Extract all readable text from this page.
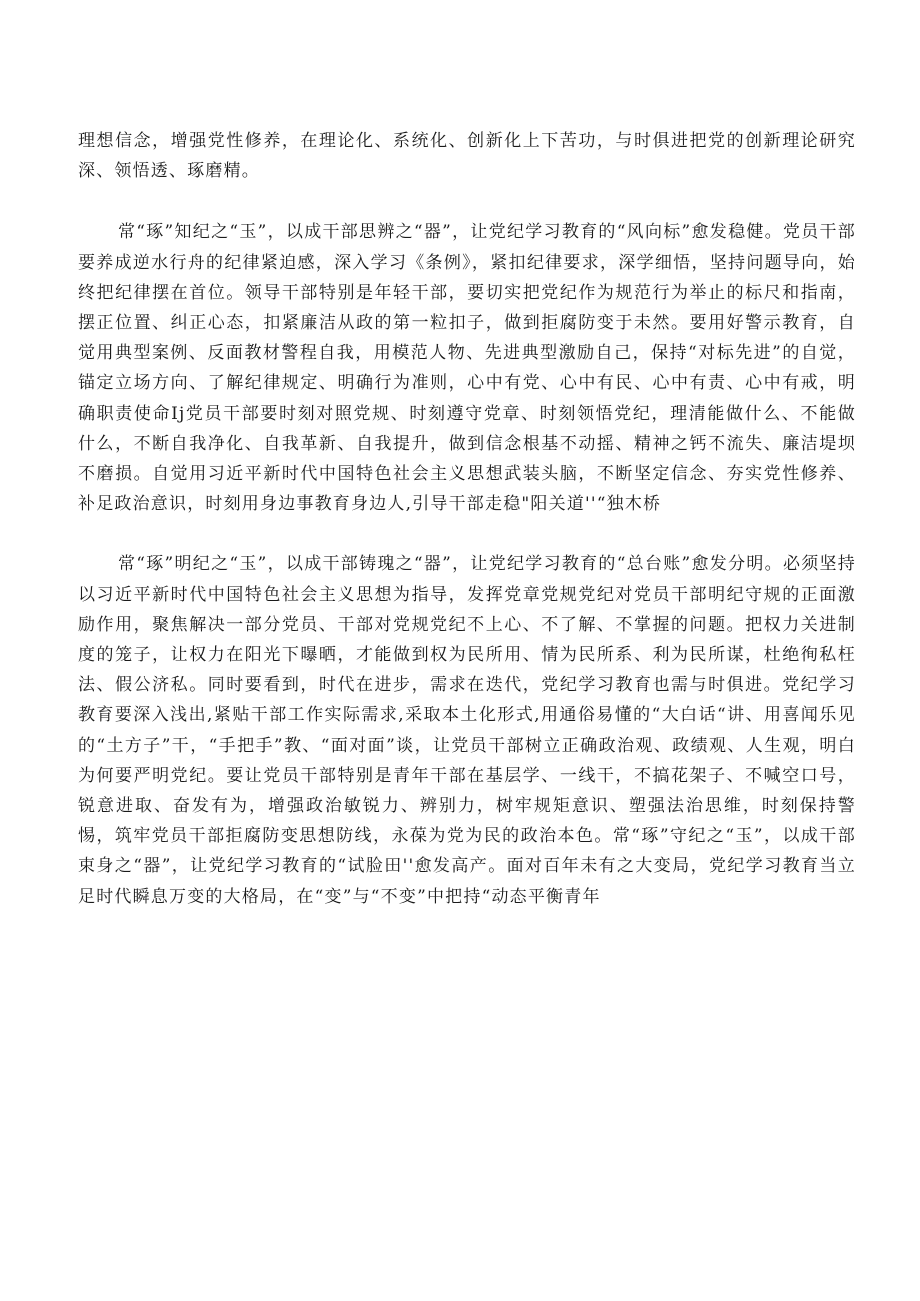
理想信念，增强党性修养，在理论化、系统化、创新化上下苦功，与时俱进把党的创新理论研究深、领悟透、琢磨精。

常“琢”知纪之“玉”，以成干部思辨之“器”，让党纪学习教育的“风向标”愈发稳健。党员干部要养成逆水行舟的纪律紧迫感，深入学习《条例》，紧扣纪律要求，深学细悟，坚持问题导向，始终把纪律摆在首位。领导干部特别是年轻干部，要切实把党纪作为规范行为举止的标尺和指南，摆正位置、纠正心态，扣紧廉洁从政的第一粒扣子，做到拒腐防变于未然。要用好警示教育，自觉用典型案例、反面教材警程自我，用模范人物、先进典型激励自己，保持“对标先进”的自觉，锚定立场方向、了解纪律规定、明确行为准则，心中有党、心中有民、心中有责、心中有戒，明确职责使命Ij党员干部要时刻对照党规、时刻遵守党章、时刻领悟党纪，理清能做什么、不能做什么，不断自我净化、自我革新、自我提升，做到信念根基不动摇、精神之钙不流失、廉洁堤坝不磨损。自觉用习近平新时代中国特色社会主义思想武装头脑，不断坚定信念、夯实党性修养、补足政治意识，时刻用身边事教育身边人,引导干部走稳"阳关道''“独木桥

常“琢”明纪之“玉”，以成干部铸瑰之“器”，让党纪学习教育的“总台账”愈发分明。必须坚持以习近平新时代中国特色社会主义思想为指导，发挥党章党规党纪对党员干部明纪守规的正面激励作用，聚焦解决一部分党员、干部对党规党纪不上心、不了解、不掌握的问题。把权力关进制度的笼子，让权力在阳光下曝晒，才能做到权为民所用、情为民所系、利为民所谋，杜绝徇私枉法、假公济私。同时要看到，时代在进步，需求在迭代，党纪学习教育也需与时俱进。党纪学习教育要深入浅出,紧贴干部工作实际需求,采取本土化形式,用通俗易懂的“大白话“讲、用喜闻乐见的“土方子”干，“手把手”教、“面对面”谈，让党员干部树立正确政治观、政绩观、人生观，明白为何要严明党纪。要让党员干部特别是青年干部在基层学、一线干，不搞花架子、不喊空口号，锐意进取、奋发有为，增强政治敏锐力、辨别力，树牢规矩意识、塑强法治思维，时刻保持警惕，筑牢党员干部拒腐防变思想防线，永葆为党为民的政治本色。常“琢”守纪之“玉”，以成干部束身之“器”，让党纪学习教育的“试脸田''愈发高产。面对百年未有之大变局，党纪学习教育当立足时代瞬息万变的大格局，在“变”与“不变”中把持“动态平衡青年
